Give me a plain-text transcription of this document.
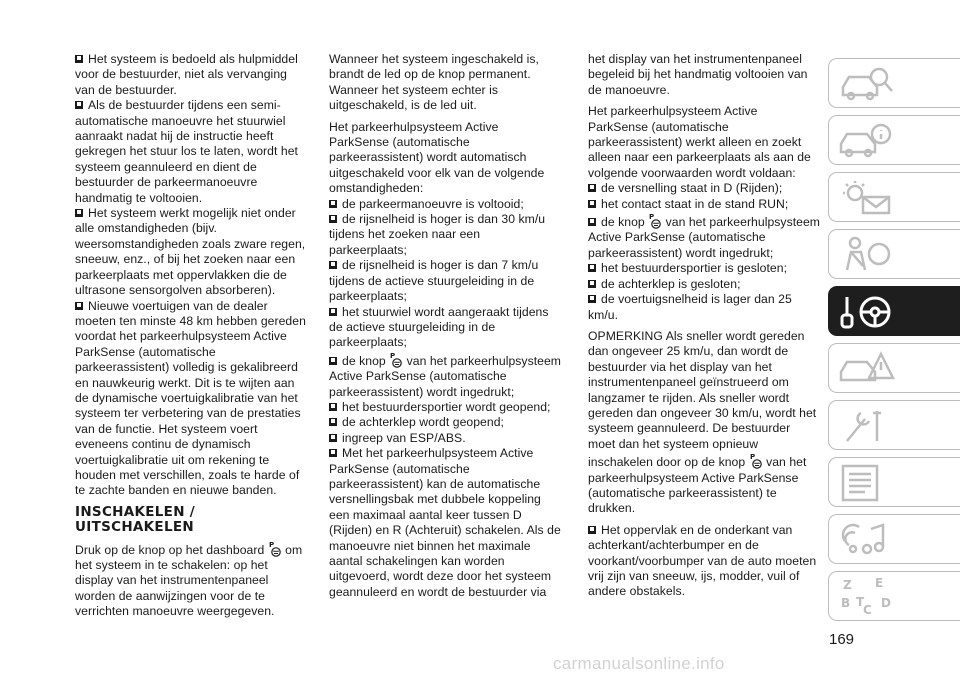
Het systeem is bedoeld als hulpmiddel voor de bestuurder, niet als vervanging van de bestuurder.

Als de bestuurder tijdens een semi-automatische manoeuvre het stuurwiel aanraakt nadat hij de instructie heeft gekregen het stuur los te laten, wordt het systeem geannuleerd en dient de bestuurder de parkeermanoeuvre handmatig te voltooien.

Het systeem werkt mogelijk niet onder alle omstandigheden (bijv. weersomstandigheden zoals zware regen, sneeuw, enz., of bij het zoeken naar een parkeerplaats met oppervlakken die de ultrasone sensorgolven absorberen).

Nieuwe voertuigen van de dealer moeten ten minste 48 km hebben gereden voordat het parkeerhulpsysteem Active ParkSense (automatische parkeerassistent) volledig is gekalibreerd en nauwkeurig werkt. Dit is te wijten aan de dynamische voertuigkalibratie van het systeem ter verbetering van de prestaties van de functie. Het systeem voert eveneens continu de dynamisch voertuigkalibratie uit om rekening te houden met verschillen, zoals te harde of te zachte banden en nieuwe banden.

INSCHAKELEN / UITSCHAKELEN

Druk op de knop op het dashboard P om het systeem in te schakelen: op het display van het instrumentenpaneel worden de aanwijzingen voor de te verrichten manoeuvre weergegeven.

Wanneer het systeem ingeschakeld is, brandt de led op de knop permanent. Wanneer het systeem echter is uitgeschakeld, is de led uit.

Het parkeerhulpsysteem Active ParkSense (automatische parkeerassistent) wordt automatisch uitgeschakeld voor elk van de volgende omstandigheden:

de parkeermanoeuvre is voltooid;

de rijsnelheid is hoger is dan 30 km/u tijdens het zoeken naar een parkeerplaats;

de rijsnelheid is hoger is dan 7 km/u tijdens de actieve stuurgeleiding in de parkeerplaats;

het stuurwiel wordt aangeraakt tijdens de actieve stuurgeleiding in de parkeerplaats;

de knop P van het parkeerhulpsysteem Active ParkSense (automatische parkeerassistent) wordt ingedrukt;

het bestuurdersportier wordt geopend;

de achterklep wordt geopend;

ingreep van ESP/ABS.

Met het parkeerhulpsysteem Active ParkSense (automatische parkeerassistent) kan de automatische versnellingsbak met dubbele koppeling een maximaal aantal keer tussen D (Rijden) en R (Achteruit) schakelen. Als de manoeuvre niet binnen het maximale aantal schakelingen kan worden uitgevoerd, wordt deze door het systeem geannuleerd en wordt de bestuurder via

het display van het instrumentenpaneel begeleid bij het handmatig voltooien van de manoeuvre.

Het parkeerhulpsysteem Active ParkSense (automatische parkeerassistent) werkt alleen en zoekt alleen naar een parkeerplaats als aan de volgende voorwaarden wordt voldaan:

de versnelling staat in D (Rijden);

het contact staat in de stand RUN;

de knop P van het parkeerhulpsysteem Active ParkSense (automatische parkeerassistent) wordt ingedrukt;

het bestuurdersportier is gesloten;

de achterklep is gesloten;

de voertuigsnelheid is lager dan 25 km/u.

OPMERKING Als sneller wordt gereden dan ongeveer 25 km/u, dan wordt de bestuurder via het display van het instrumentenpaneel geïnstrueerd om langzamer te rijden. Als sneller wordt gereden dan ongeveer 30 km/u, wordt het systeem geannuleerd. De bestuurder moet dan het systeem opnieuw inschakelen door op de knop P van het parkeerhulpsysteem Active ParkSense (automatische parkeerassistent) te drukken.

Het oppervlak en de onderkant van achterkant/achterbumper en de voorkant/voorbumper van de auto moeten vrij zijn van sneeuw, ijs, modder, vuil of andere obstakels.	Z E
B C
T D
169
carmanualsonline.info
